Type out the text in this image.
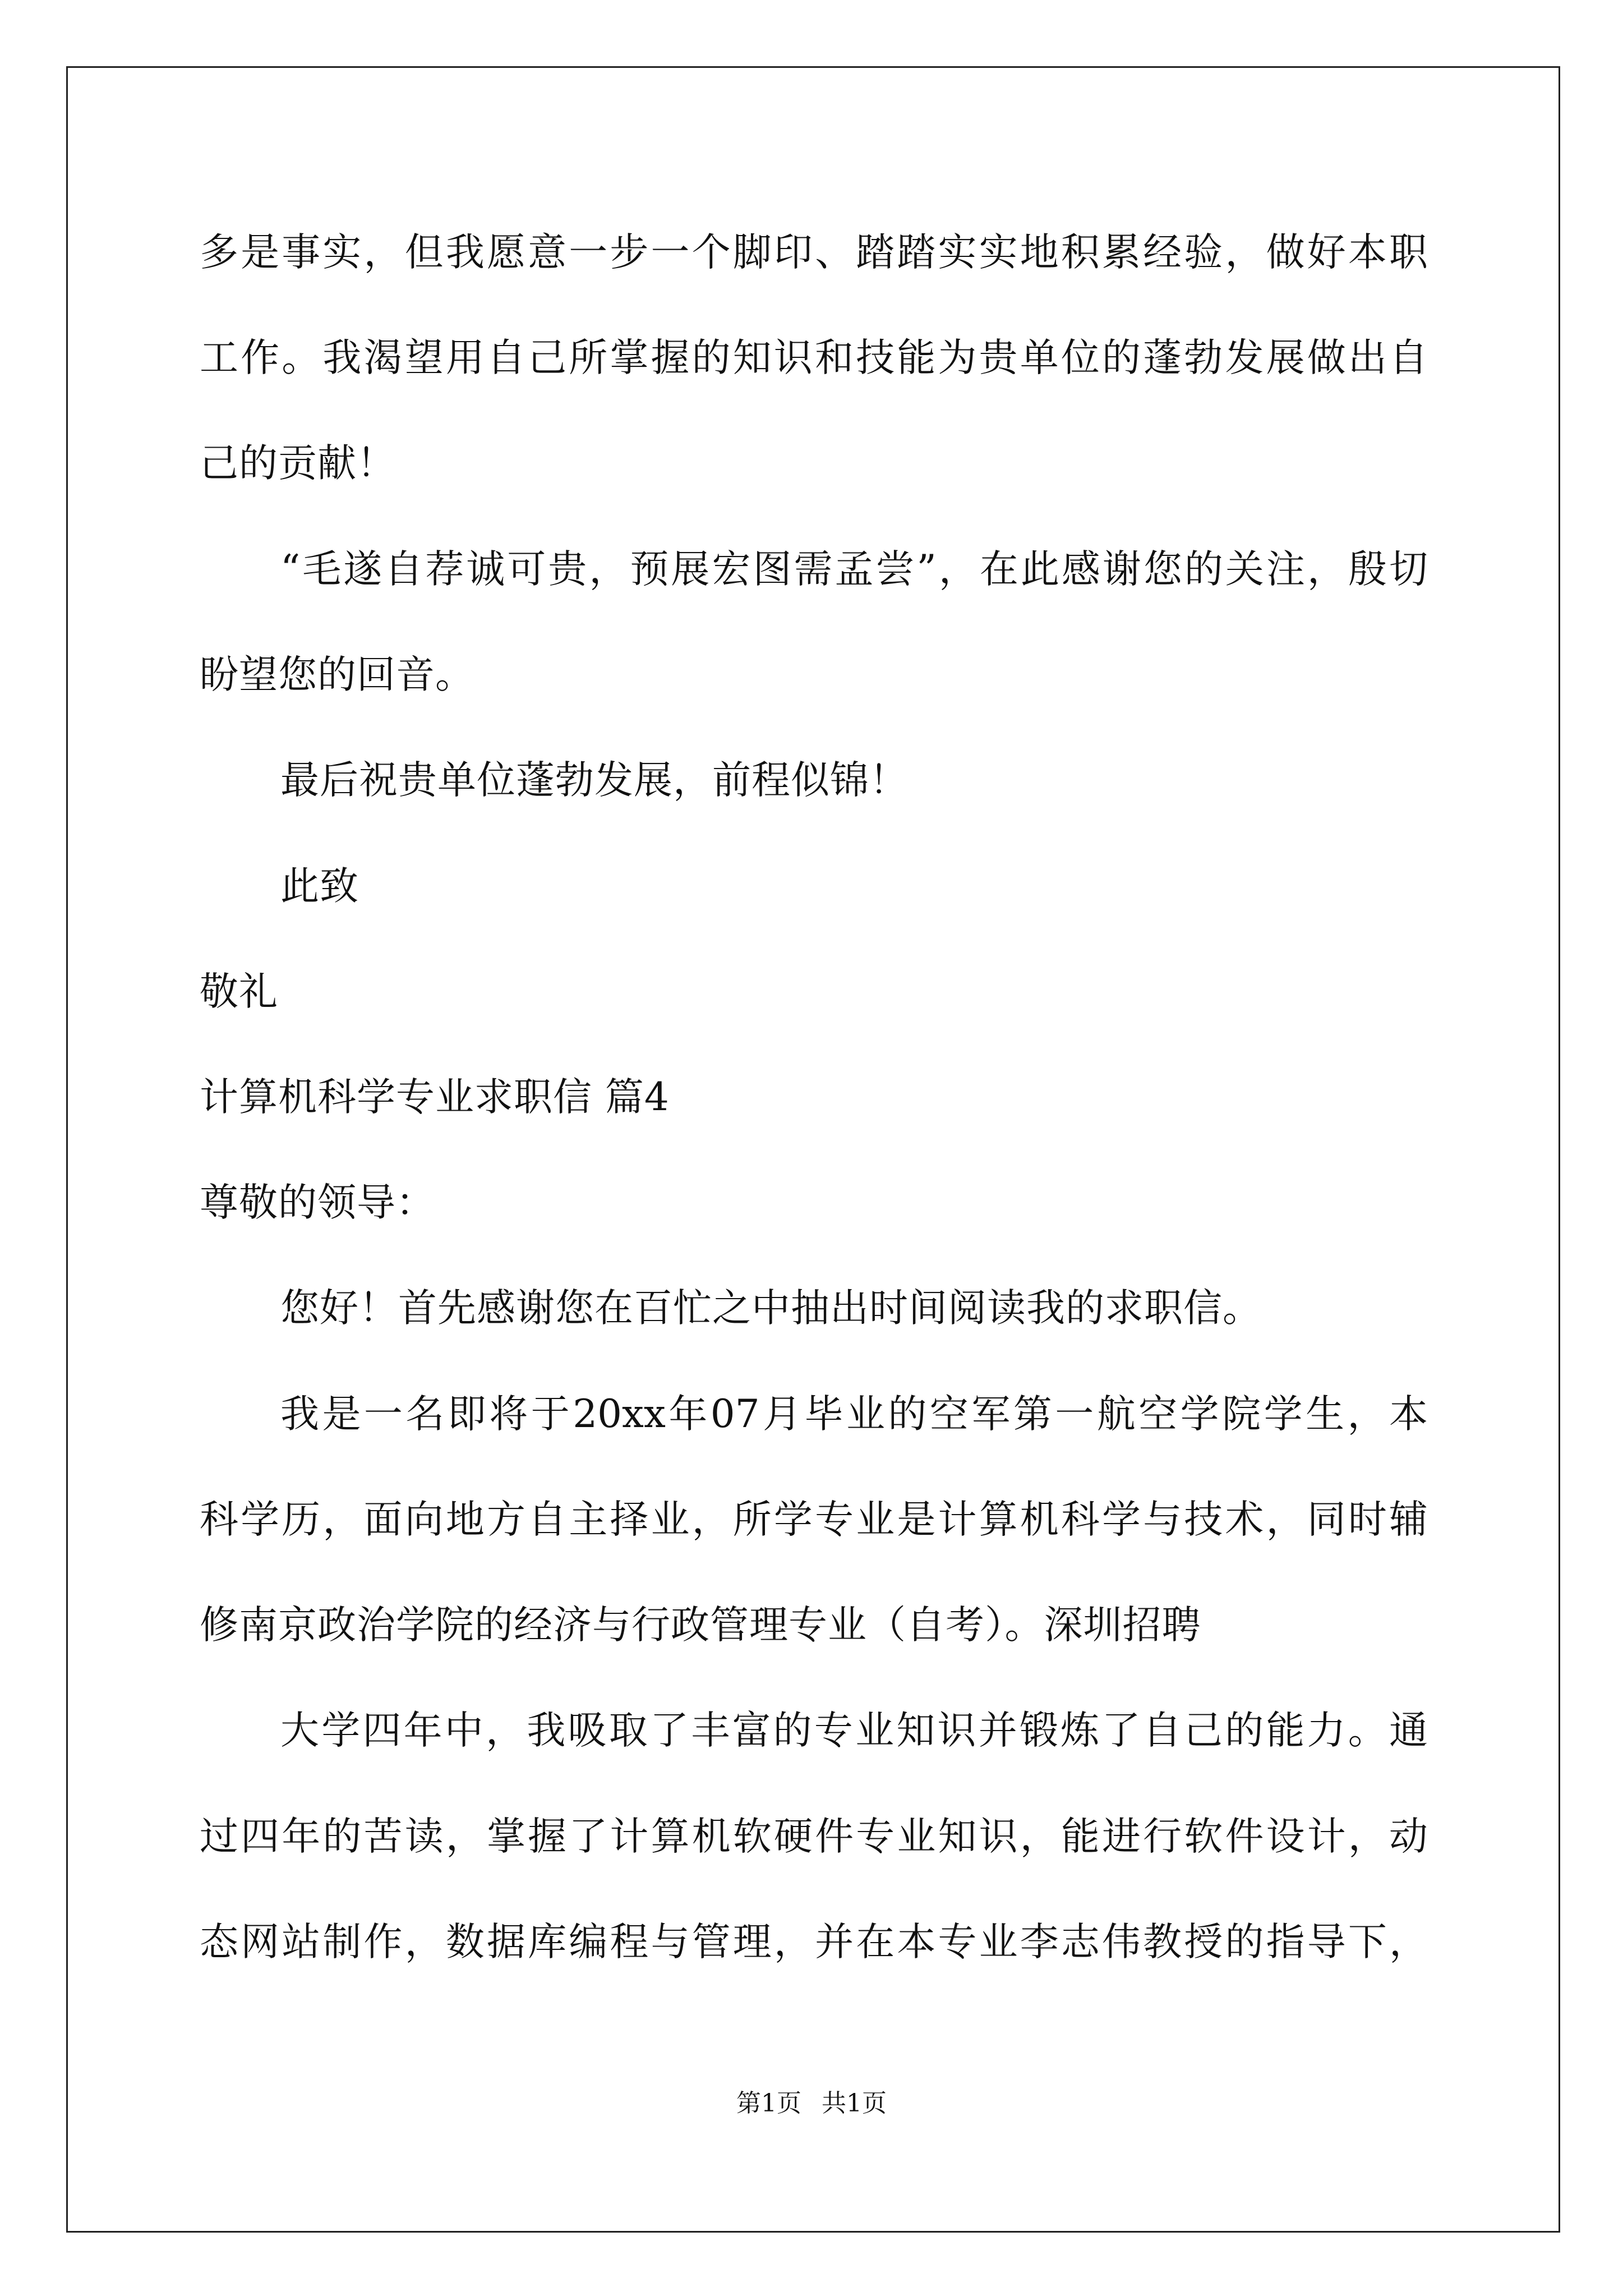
多是事实，但我愿意一步一个脚印、踏踏实实地积累经验，做好本职
工作。我渴望用自己所掌握的知识和技能为贵单位的蓬勃发展做出自
己的贡献！
“毛遂自荐诚可贵，预展宏图需孟尝”，在此感谢您的关注，殷切
盼望您的回音。
最后祝贵单位蓬勃发展，前程似锦！
此致
敬礼
计算机科学专业求职信 篇4
尊敬的领导：
您好！首先感谢您在百忙之中抽出时间阅读我的求职信。
我是一名即将于20xx年07月毕业的空军第一航空学院学生，本
科学历，面向地方自主择业，所学专业是计算机科学与技术，同时辅
修南京政治学院的经济与行政管理专业（自考）。深圳招聘
大学四年中，我吸取了丰富的专业知识并锻炼了自己的能力。通
过四年的苦读，掌握了计算机软硬件专业知识，能进行软件设计，动
态网站制作，数据库编程与管理，并在本专业李志伟教授的指导下，
第1页 共1页
